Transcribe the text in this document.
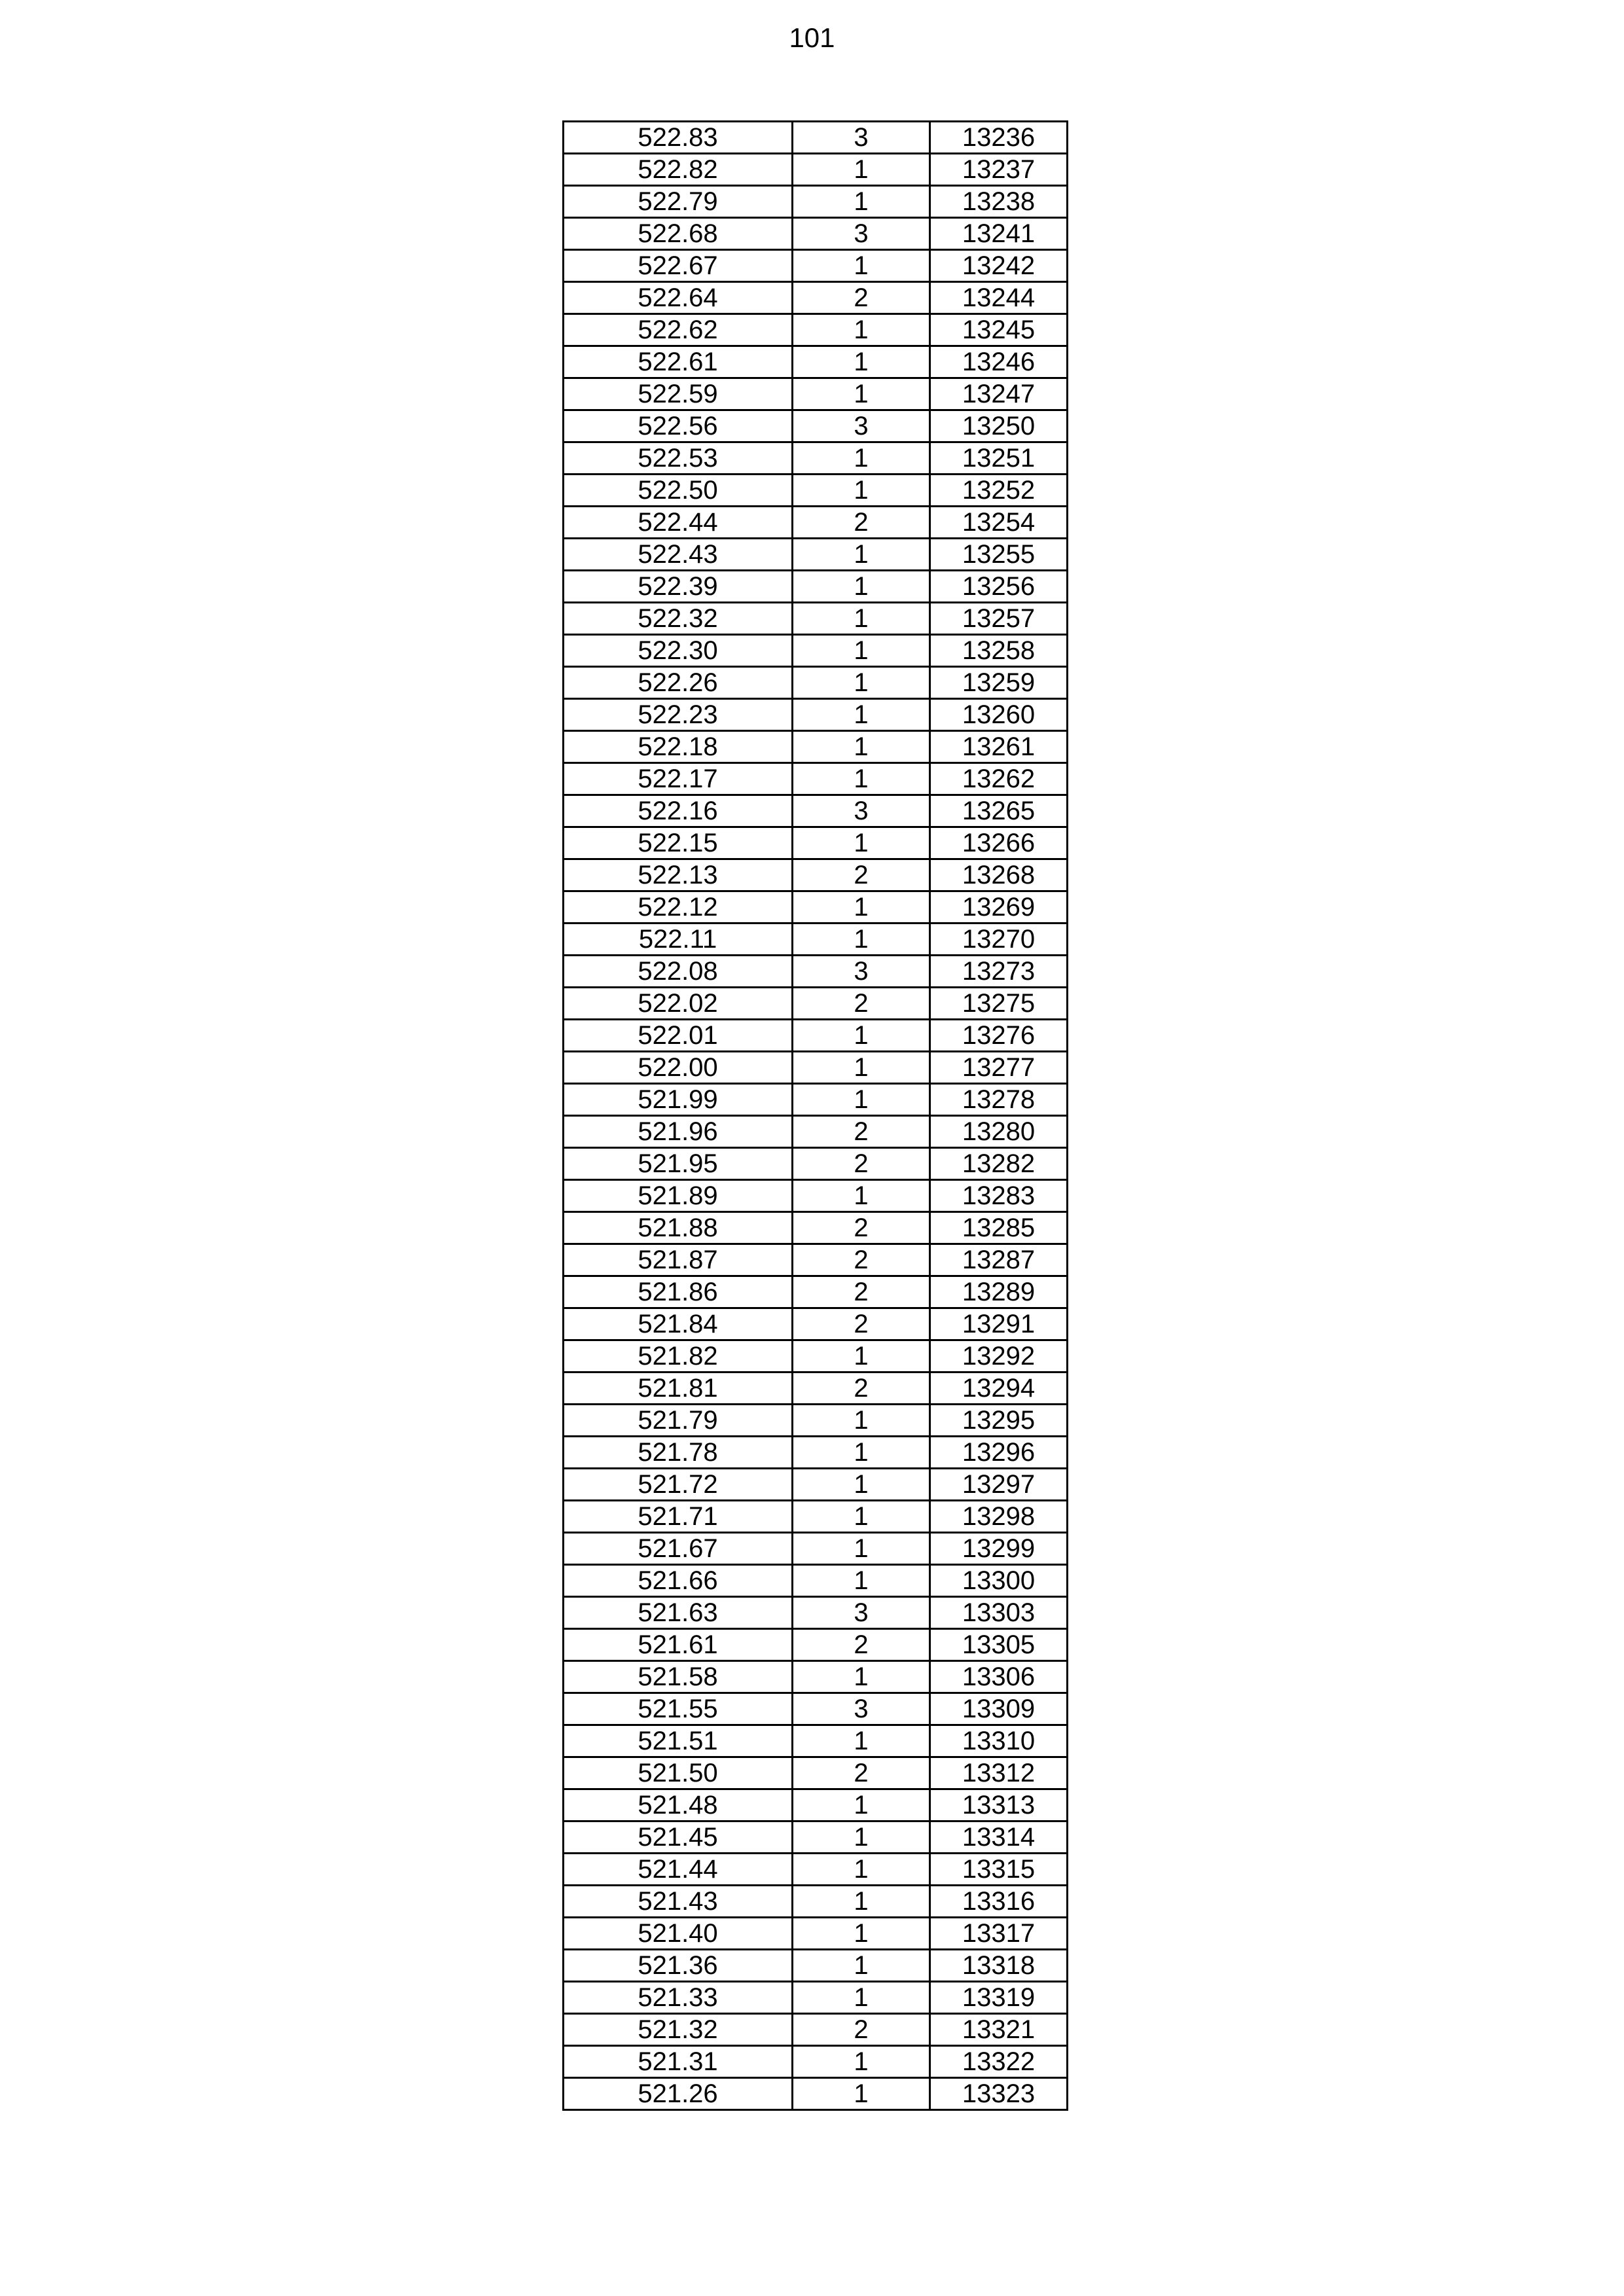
101
522.83	3	13236
522.82	1	13237
522.79	1	13238
522.68	3	13241
522.67	1	13242
522.64	2	13244
522.62	1	13245
522.61	1	13246
522.59	1	13247
522.56	3	13250
522.53	1	13251
522.50	1	13252
522.44	2	13254
522.43	1	13255
522.39	1	13256
522.32	1	13257
522.30	1	13258
522.26	1	13259
522.23	1	13260
522.18	1	13261
522.17	1	13262
522.16	3	13265
522.15	1	13266
522.13	2	13268
522.12	1	13269
522.11	1	13270
522.08	3	13273
522.02	2	13275
522.01	1	13276
522.00	1	13277
521.99	1	13278
521.96	2	13280
521.95	2	13282
521.89	1	13283
521.88	2	13285
521.87	2	13287
521.86	2	13289
521.84	2	13291
521.82	1	13292
521.81	2	13294
521.79	1	13295
521.78	1	13296
521.72	1	13297
521.71	1	13298
521.67	1	13299
521.66	1	13300
521.63	3	13303
521.61	2	13305
521.58	1	13306
521.55	3	13309
521.51	1	13310
521.50	2	13312
521.48	1	13313
521.45	1	13314
521.44	1	13315
521.43	1	13316
521.40	1	13317
521.36	1	13318
521.33	1	13319
521.32	2	13321
521.31	1	13322
521.26	1	13323
